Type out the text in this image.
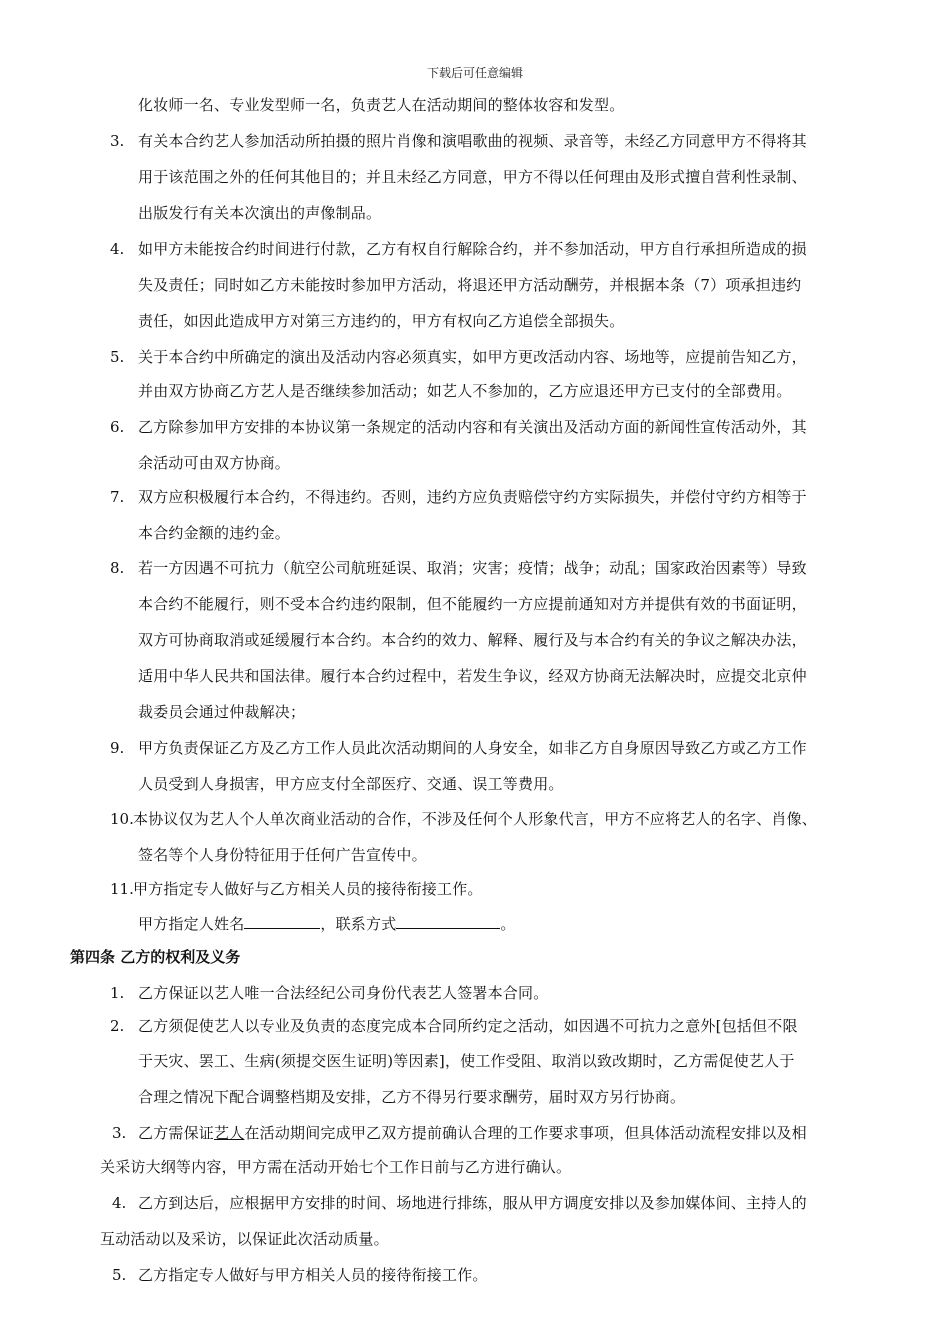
下载后可任意编辑
化妆师一名、专业发型师一名，负责艺人在活动期间的整体妆容和发型。
3. 有关本合约艺人参加活动所拍摄的照片肖像和演唱歌曲的视频、录音等，未经乙方同意甲方不得将其
用于该范围之外的任何其他目的；并且未经乙方同意，甲方不得以任何理由及形式擅自营利性录制、
出版发行有关本次演出的声像制品。
4. 如甲方未能按合约时间进行付款，乙方有权自行解除合约，并不参加活动，甲方自行承担所造成的损
失及责任；同时如乙方未能按时参加甲方活动，将退还甲方活动酬劳，并根据本条（7）项承担违约
责任，如因此造成甲方对第三方违约的，甲方有权向乙方追偿全部损失。
5. 关于本合约中所确定的演出及活动内容必须真实，如甲方更改活动内容、场地等，应提前告知乙方，
并由双方协商乙方艺人是否继续参加活动；如艺人不参加的，乙方应退还甲方已支付的全部费用。
6. 乙方除参加甲方安排的本协议第一条规定的活动内容和有关演出及活动方面的新闻性宣传活动外，其
余活动可由双方协商。
7. 双方应积极履行本合约，不得违约。否则，违约方应负责赔偿守约方实际损失，并偿付守约方相等于
本合约金额的违约金。
8. 若一方因遇不可抗力（航空公司航班延误、取消；灾害；疫情；战争；动乱；国家政治因素等）导致
本合约不能履行，则不受本合约违约限制，但不能履约一方应提前通知对方并提供有效的书面证明，
双方可协商取消或延缓履行本合约。本合约的效力、解释、履行及与本合约有关的争议之解决办法，
适用中华人民共和国法律。履行本合约过程中，若发生争议，经双方协商无法解决时，应提交北京仲
裁委员会通过仲裁解决；
9. 甲方负责保证乙方及乙方工作人员此次活动期间的人身安全，如非乙方自身原因导致乙方或乙方工作
人员受到人身损害，甲方应支付全部医疗、交通、误工等费用。
10. 本协议仅为艺人个人单次商业活动的合作，不涉及任何个人形象代言，甲方不应将艺人的名字、肖像、
签名等个人身份特征用于任何广告宣传中。
11. 甲方指定专人做好与乙方相关人员的接待衔接工作。
甲方指定人姓名	，联系方式	。
第四条 乙方的权利及义务
1. 乙方保证以艺人唯一合法经纪公司身份代表艺人签署本合同。
2. 乙方须促使艺人以专业及负责的态度完成本合同所约定之活动，如因遇不可抗力之意外[包括但不限
于天灾、罢工、生病(须提交医生证明)等因素]，使工作受阻、取消以致改期时，乙方需促使艺人于
合理之情况下配合调整档期及安排，乙方不得另行要求酬劳，届时双方另行协商。
3. 乙方需保证艺人在活动期间完成甲乙双方提前确认合理的工作要求事项，但具体活动流程安排以及相
关采访大纲等内容，甲方需在活动开始七个工作日前与乙方进行确认。
4. 乙方到达后，应根据甲方安排的时间、场地进行排练，服从甲方调度安排以及参加媒体间、主持人的
互动活动以及采访，以保证此次活动质量。
5. 乙方指定专人做好与甲方相关人员的接待衔接工作。
